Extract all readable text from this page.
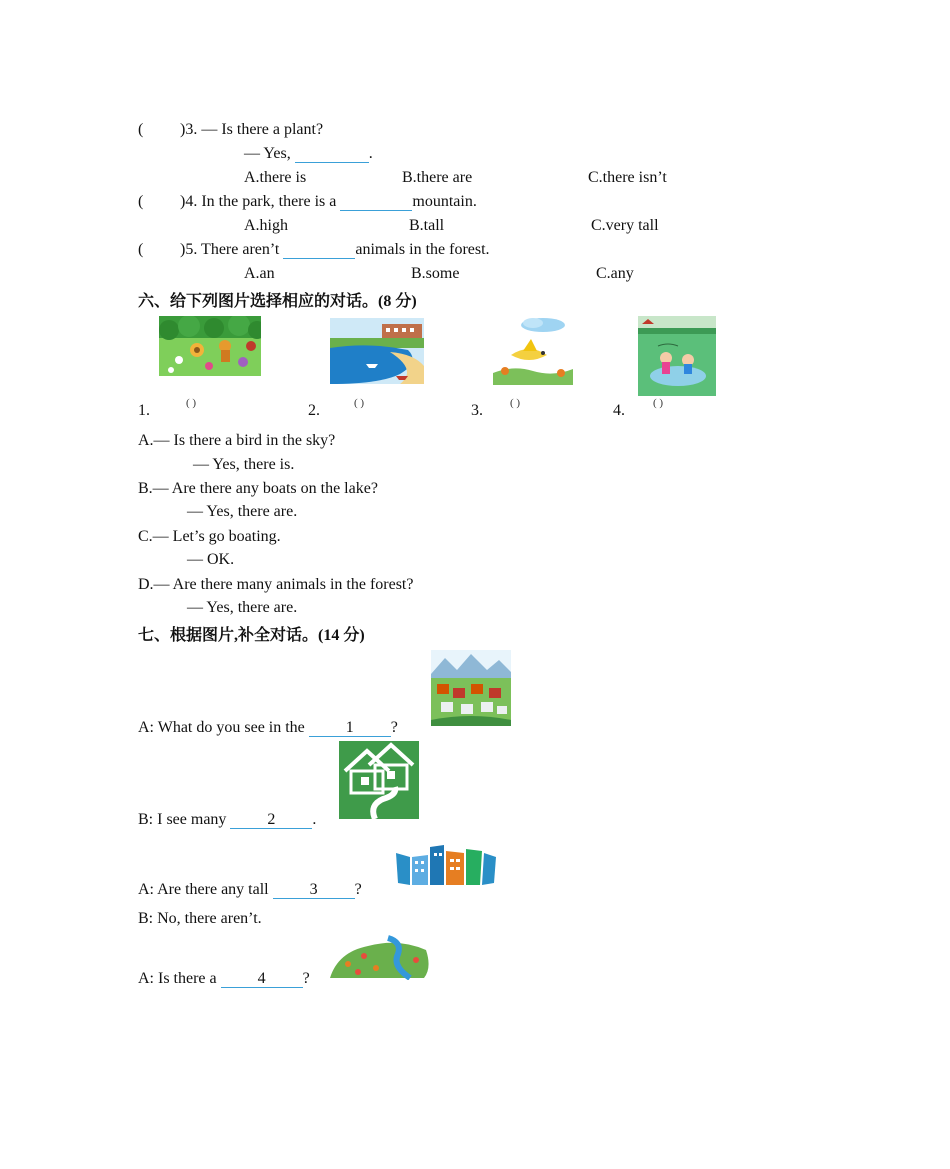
( )3. — Is there a plant?
— Yes,	.
A.there is	B.there are	C.there isn’t
( )4. In the park, there is a	mountain.
A.high	B.tall	C.very tall
( )5. There aren’t	animals in the forest.
A.an	B.some	C.any
六、给下列图片选择相应的对话。(8 分)
1.	( )	2.	( )	3. ( )	4.	( )
A.— Is there a bird in the sky?
— Yes, there is.
B.— Are there any boats on the lake?
— Yes, there are.
C.— Let’s go boating.
— OK.
D.— Are there many animals in the forest?
— Yes, there are.
七、根据图片,补全对话。(14 分)
A: What do you see in the	1 ?
B: I see many	2 .
A: Are there any tall	3 ?
B: No, there aren’t.
A: Is there a	4 ?
